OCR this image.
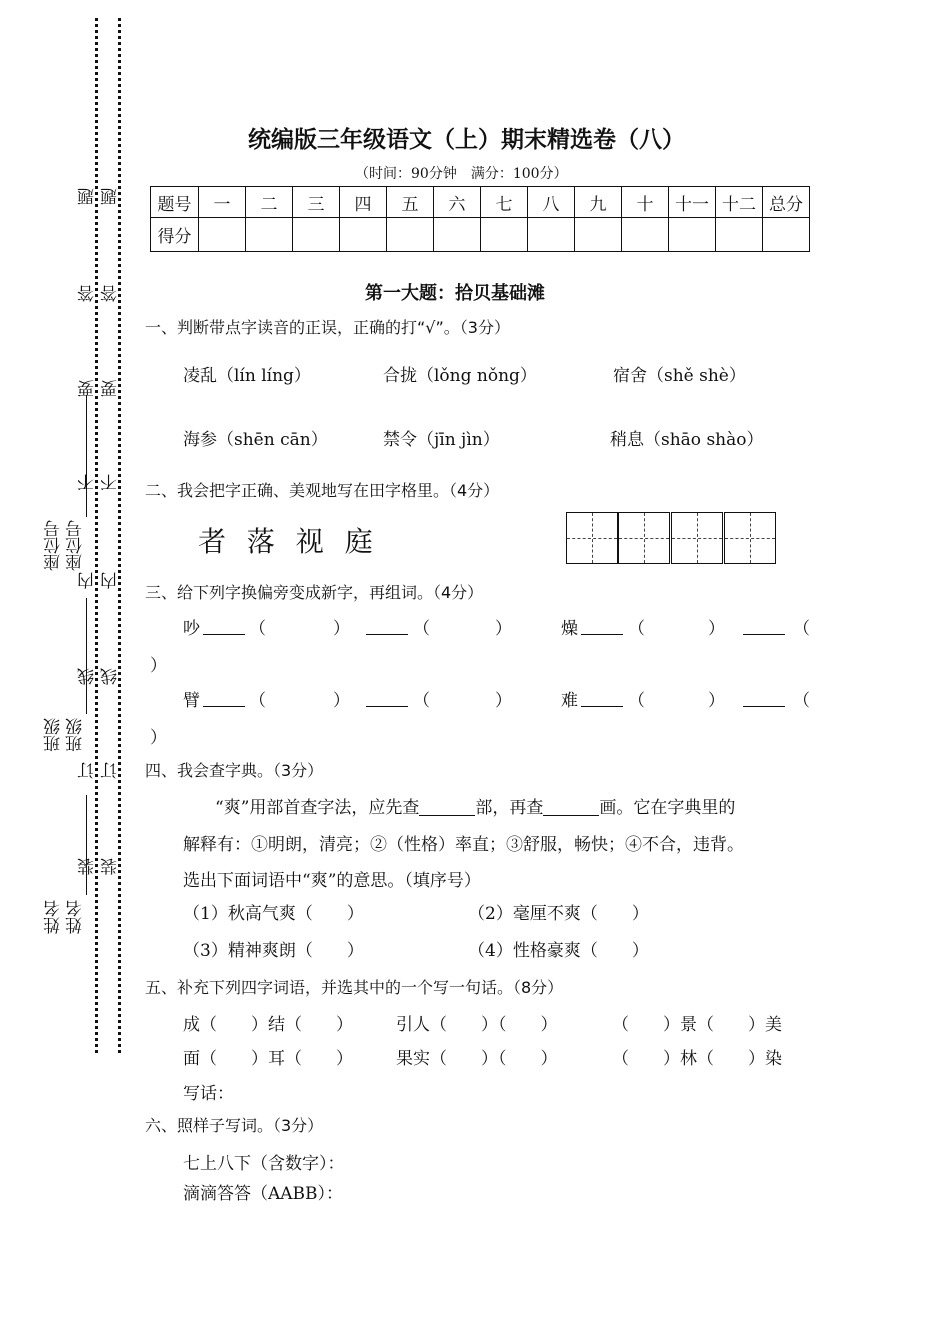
题
答
要
不
内
线
订
装
题
答
要
不
内
线
订
装
座位号 座位号
班级 班级
姓名 姓名
统编版三年级语文（上）期末精选卷（八）
（时间：90分钟　满分：100分）
题号	一	二	三	四	五	六	七	八	九	十	十一	十二	总分
得分													
第一大题：拾贝基础滩
一、判断带点字读音的正误，正确的打“√”。（3分）
凌乱（lín líng）	合拢（lǒng nǒng）	宿舍（shě shè）
海参（shēn cān）	禁令（jīn jìn）	稍息（shāo shào）
二、我会把字正确、美观地写在田字格里。（4分）
者 落 视 庭
三、给下列字换偏旁变成新字，再组词。（4分）
吵	（	）	（	）	燥	（	）	（
）
臂	（	）	（	）	难	（	）	（
）
四、我会查字典。（3分）
“爽”用部首查字法，应先查	部，再查	画。它在字典里的
解释有：①明朗，清亮；②（性格）率直；③舒服，畅快；④不合，违背。
选出下面词语中“爽”的意思。（填序号）
（1）秋高气爽（　　）	（2）毫厘不爽（　　）
（3）精神爽朗（　　）	（4）性格豪爽（　　）
五、补充下列四字词语，并选其中的一个写一句话。（8分）
成（　　）结（　　）	引人（　　）（　　）	（　　）景（　　）美
面（　　）耳（　　）	果实（　　）（　　）	（　　）林（　　）染
写话：
六、照样子写词。（3分）
七上八下（含数字）：
滴滴答答（AABB）：
